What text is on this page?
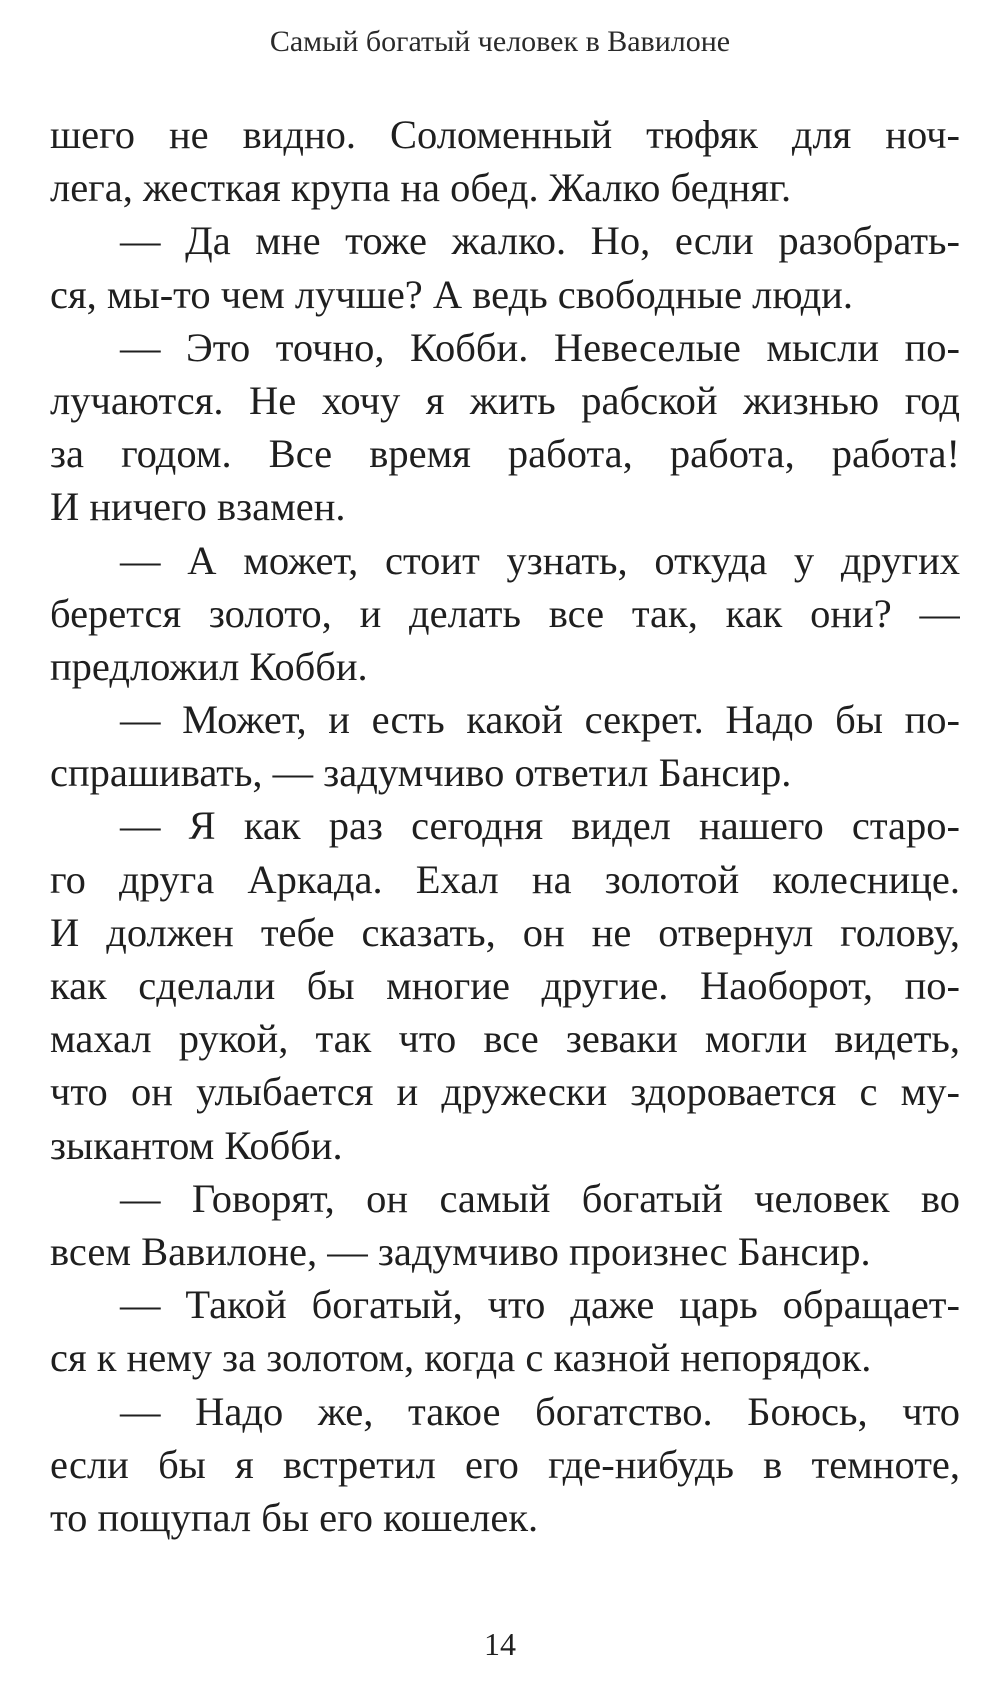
Самый богатый человек в Вавилоне
шего не видно. Соломенный тюфяк для ноч-
лега, жесткая крупа на обед. Жалко бедняг.
— Да мне тоже жалко. Но, если разобрать-
ся, мы-то чем лучше? А ведь свободные люди.
— Это точно, Кобби. Невеселые мысли по-
лучаются. Не хочу я жить рабской жизнью год
за годом. Все время работа, работа, работа!
И ничего взамен.
— А может, стоит узнать, откуда у других
берется золото, и делать все так, как они? —
предложил Кобби.
— Может, и есть какой секрет. Надо бы по-
спрашивать, — задумчиво ответил Бансир.
— Я как раз сегодня видел нашего старо-
го друга Аркада. Ехал на золотой колеснице.
И должен тебе сказать, он не отвернул голову,
как сделали бы многие другие. Наоборот, по-
махал рукой, так что все зеваки могли видеть,
что он улыбается и дружески здоровается с му-
зыкантом Кобби.
— Говорят, он самый богатый человек во
всем Вавилоне, — задумчиво произнес Бансир.
— Такой богатый, что даже царь обращает-
ся к нему за золотом, когда с казной непорядок.
— Надо же, такое богатство. Боюсь, что
если бы я встретил его где-нибудь в темноте,
то пощупал бы его кошелек.
14
